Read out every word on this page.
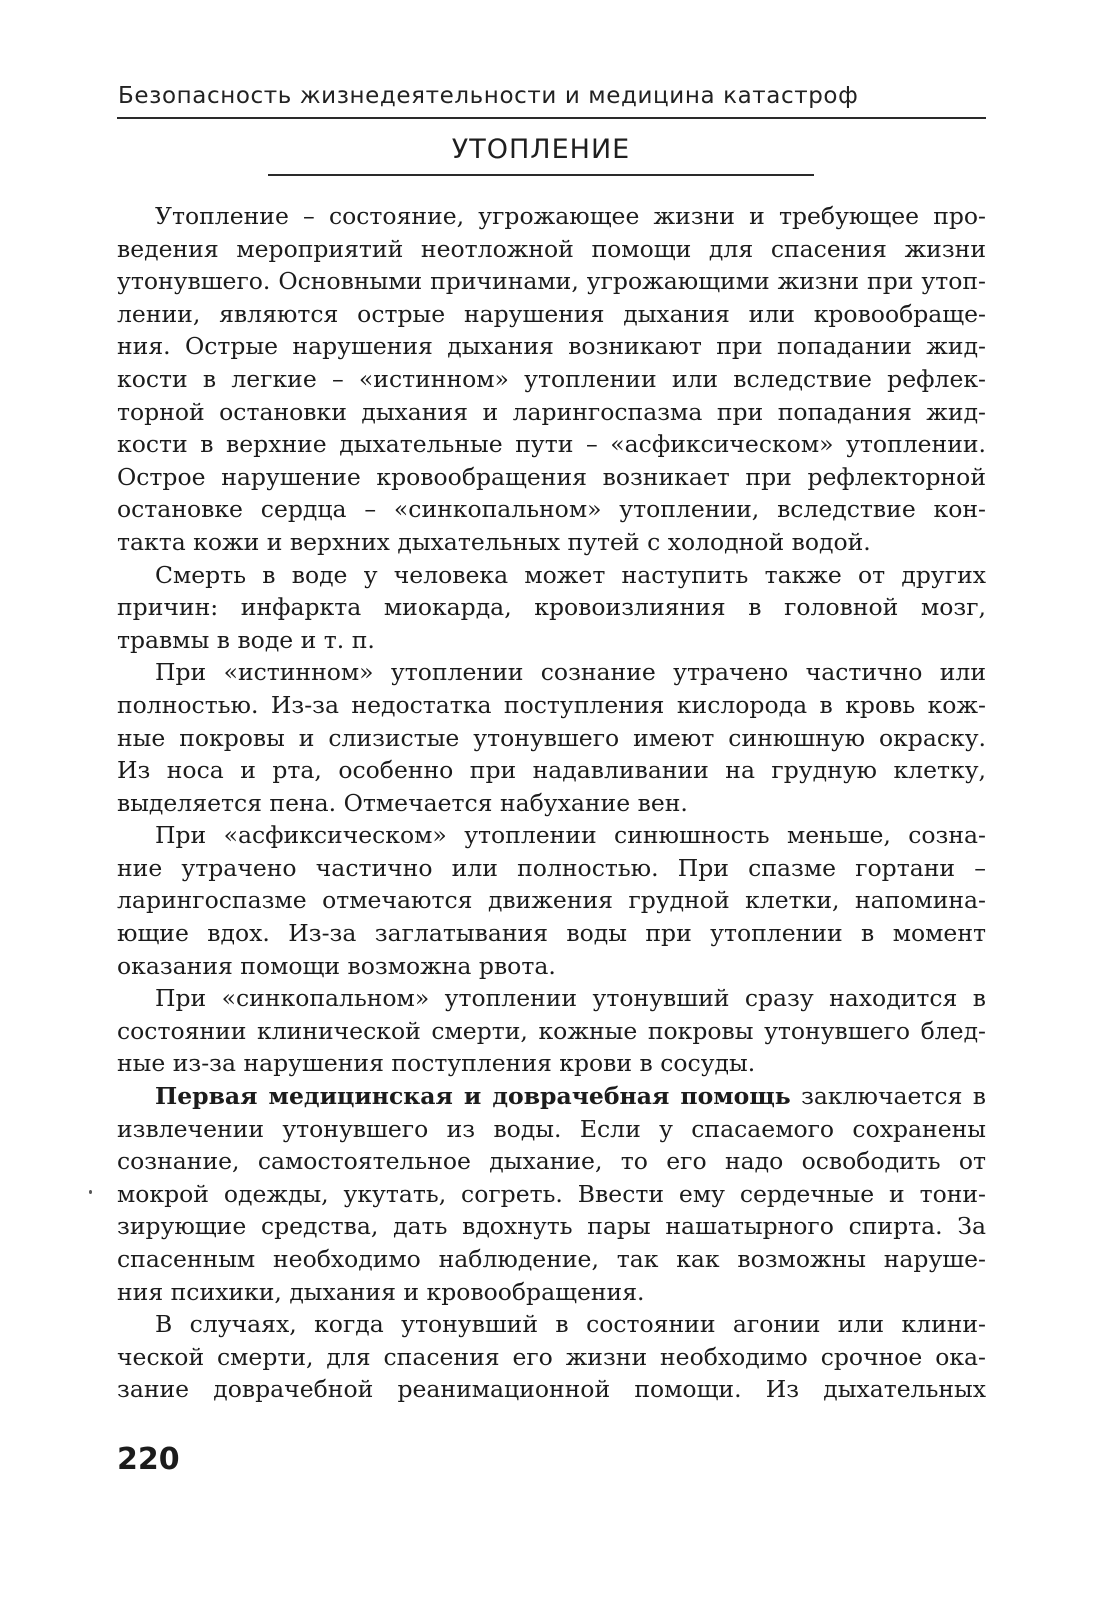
Безопасность жизнедеятельности и медицина катастроф
УТОПЛЕНИЕ
Утопление – состояние, угрожающее жизни и требующее про-
ведения мероприятий неотложной помощи для спасения жизни
утонувшего. Основными причинами, угрожающими жизни при утоп-
лении, являются острые нарушения дыхания или кровообраще-
ния. Острые нарушения дыхания возникают при попадании жид-
кости в легкие – «истинном» утоплении или вследствие рефлек-
торной остановки дыхания и ларингоспазма при попадания жид-
кости в верхние дыхательные пути – «асфиксическом» утоплении.
Острое нарушение кровообращения возникает при рефлекторной
остановке сердца – «синкопальном» утоплении, вследствие кон-
такта кожи и верхних дыхательных путей с холодной водой.
Смерть в воде у человека может наступить также от других
причин: инфаркта миокарда, кровоизлияния в головной мозг,
травмы в воде и т. п.
При «истинном» утоплении сознание утрачено частично или
полностью. Из-за недостатка поступления кислорода в кровь кож-
ные покровы и слизистые утонувшего имеют синюшную окраску.
Из носа и рта, особенно при надавливании на грудную клетку,
выделяется пена. Отмечается набухание вен.
При «асфиксическом» утоплении синюшность меньше, созна-
ние утрачено частично или полностью. При спазме гортани –
ларингоспазме отмечаются движения грудной клетки, напомина-
ющие вдох. Из-за заглатывания воды при утоплении в момент
оказания помощи возможна рвота.
При «синкопальном» утоплении утонувший сразу находится в
состоянии клинической смерти, кожные покровы утонувшего блед-
ные из-за нарушения поступления крови в сосуды.
Первая медицинская и доврачебная помощь заключается в
извлечении утонувшего из воды. Если у спасаемого сохранены
сознание, самостоятельное дыхание, то его надо освободить от
мокрой одежды, укутать, согреть. Ввести ему сердечные и тони-
зирующие средства, дать вдохнуть пары нашатырного спирта. За
спасенным необходимо наблюдение, так как возможны наруше-
ния психики, дыхания и кровообращения.
В случаях, когда утонувший в состоянии агонии или клини-
ческой смерти, для спасения его жизни необходимо срочное ока-
зание доврачебной реанимационной помощи. Из дыхательных
220
